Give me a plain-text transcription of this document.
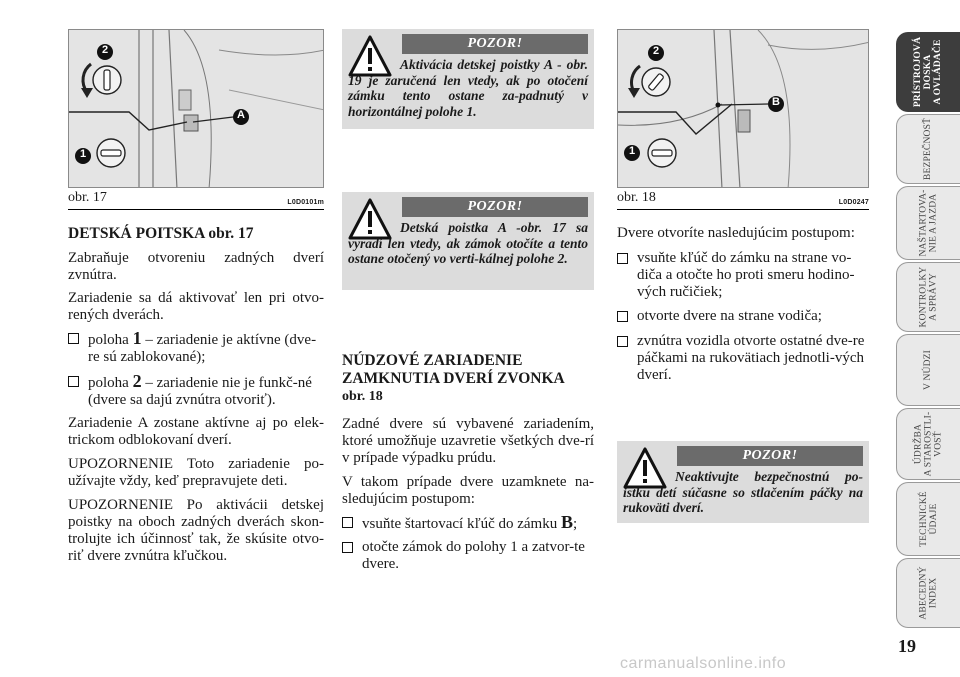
2
1
A
obr. 17	L0D0101m
DETSKÁ POITSKA obr. 17
Zabraňuje otvoreniu zadných dverí zvnútra.
Zariadenie sa dá aktivovať len pri otvo-rených dverách.
poloha 1 – zariadenie je aktívne (dve-re sú zablokované);
poloha 2 – zariadenie nie je funkč-né (dvere sa dajú zvnútra otvoriť).
Zariadenie A zostane aktívne aj po elek-trickom odblokovaní dverí.
UPOZORNENIE Toto zariadenie po-užívajte vždy, keď prepravujete deti.
UPOZORNENIE Po aktivácii detskej poistky na oboch zadných dverách skon-trolujte ich účinnosť tak, že skúsite otvo-riť dvere zvnútra kľučkou.
POZOR!
Aktivácia detskej poistky A - obr. 19 je zaručená len vtedy, ak po otočení zámku tento ostane za-padnutý v horizontálnej polohe 1.
POZOR!
Detská poistka A -obr. 17 sa vyradí len vtedy, ak zámok otočíte a tento ostane otočený vo verti-kálnej polohe 2.
NÚDZOVÉ ZARIADENIE
ZAMKNUTIA DVERÍ ZVONKA
obr. 18
Zadné dvere sú vybavené zariadením, ktoré umožňuje uzavretie všetkých dve-rí v prípade výpadku prúdu.
V takom prípade dvere uzamknete na-sledujúcim postupom:
vsuňte štartovací kľúč do zámku B;
otočte zámok do polohy 1 a zatvor-te dvere.
2
1
B
obr. 18	L0D0247
Dvere otvoríte nasledujúcim postupom:
vsuňte kľúč do zámku na strane vo-diča a otočte ho proti smeru hodino-vých ručičiek;
otvorte dvere na strane vodiča;
zvnútra vozidla otvorte ostatné dve-re páčkami na rukovätiach jednotli-vých dverí.
POZOR!
Neaktivujte bezpečnostnú po-istku detí súčasne so stlačením páčky na rukoväti dverí.
PRÍSTROJOVÁ
DOSKA
A OVLÁDAČE
BEZPEČNOSŤ
NAŠTARTOVA-
NIE A JAZDA
KONTROLKY
A SPRÁVY
V NÚDZI
ÚDRŽBA
A STAROSTLI-
VOSŤ
TECHNICKÉ
ÚDAJE
ABECEDNÝ
INDEX
19
carmanualsonline.info
